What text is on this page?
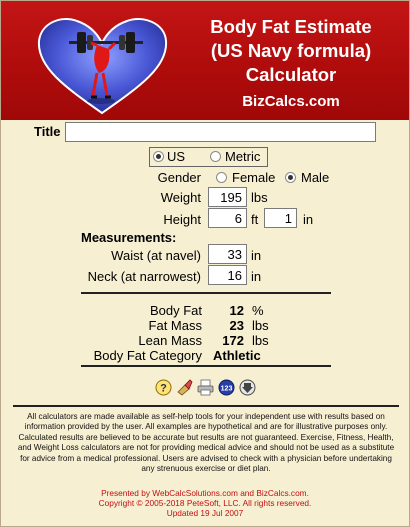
Body Fat Estimate
(US Navy formula)
Calculator
BizCalcs.com
Title
US	Metric
Gender Female Male
Weight
195	lbs
Height
6	ft
1	in
Measurements:
Waist (at navel)
33	in
Neck (at narrowest)
16	in
Body Fat	12 %
Fat Mass	23 lbs
Lean Mass	172 lbs
Body Fat Category Athletic
?	123
All calculators are made available as self-help tools for your independent use with results based on information provided by the user. All examples are hypothetical and are for illustrative purposes only. Calculated results are believed to be accurate but results are not guaranteed. Exercise, Fitness, Health, and Weight Loss calculators are not for providing medical advice and should not be used as a substitute for advice from a medical professional. Users are advised to check with a physician before undertaking any strenuous exercise or diet plan.
Presented by WebCalcSolutions.com and BizCalcs.com.
Copyright © 2005-2018 PeteSoft, LLC. All rights reserved.
Updated 19 Jul 2007
